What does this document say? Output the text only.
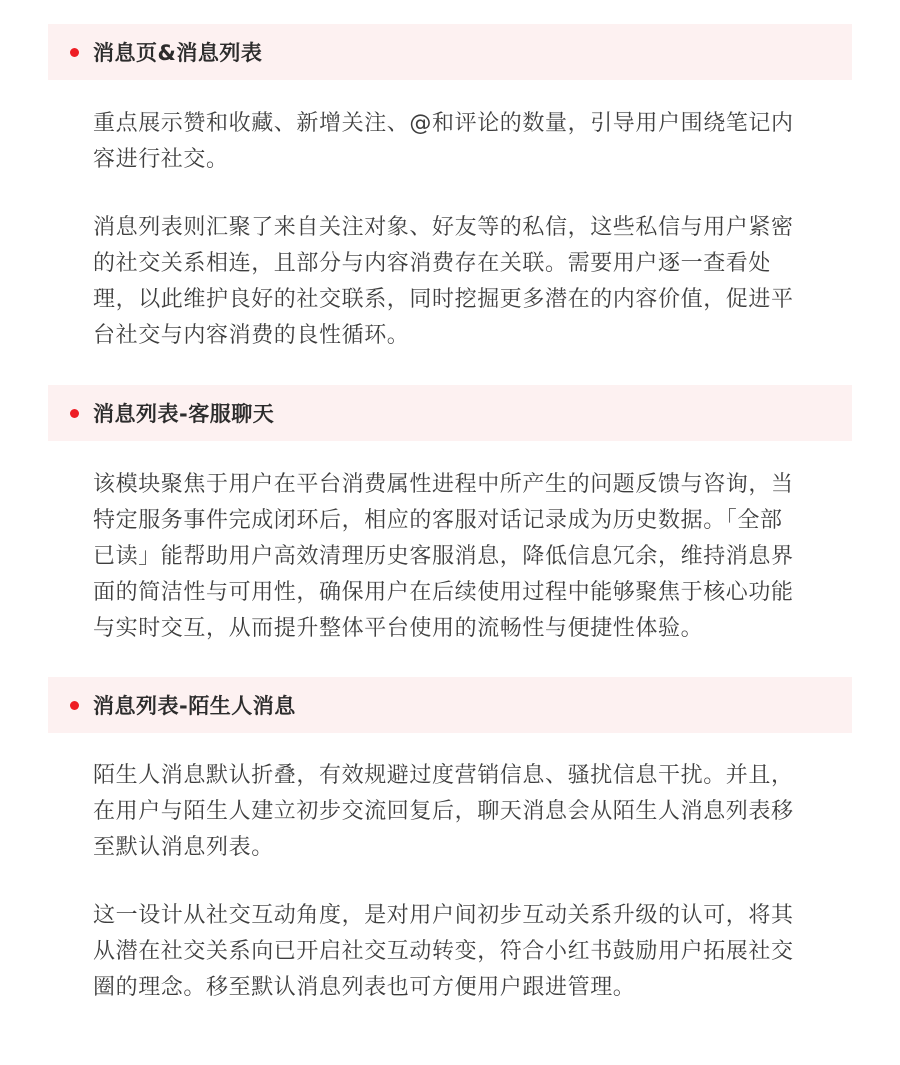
消息页&消息列表

重点展示赞和收藏、新增关注、@和评论的数量，引导用户围绕笔记内
容进行社交。

消息列表则汇聚了来自关注对象、好友等的私信，这些私信与用户紧密
的社交关系相连，且部分与内容消费存在关联。需要用户逐一查看处
理，以此维护良好的社交联系，同时挖掘更多潜在的内容价值，促进平
台社交与内容消费的良性循环。

消息列表-客服聊天

该模块聚焦于用户在平台消费属性进程中所产生的问题反馈与咨询，当
特定服务事件完成闭环后，相应的客服对话记录成为历史数据。「全部
已读」能帮助用户高效清理历史客服消息，降低信息冗余，维持消息界
面的简洁性与可用性，确保用户在后续使用过程中能够聚焦于核心功能
与实时交互，从而提升整体平台使用的流畅性与便捷性体验。

消息列表-陌生人消息

陌生人消息默认折叠，有效规避过度营销信息、骚扰信息干扰。并且，
在用户与陌生人建立初步交流回复后，聊天消息会从陌生人消息列表移
至默认消息列表。

这一设计从社交互动角度，是对用户间初步互动关系升级的认可，将其
从潜在社交关系向已开启社交互动转变，符合小红书鼓励用户拓展社交
圈的理念。移至默认消息列表也可方便用户跟进管理。
